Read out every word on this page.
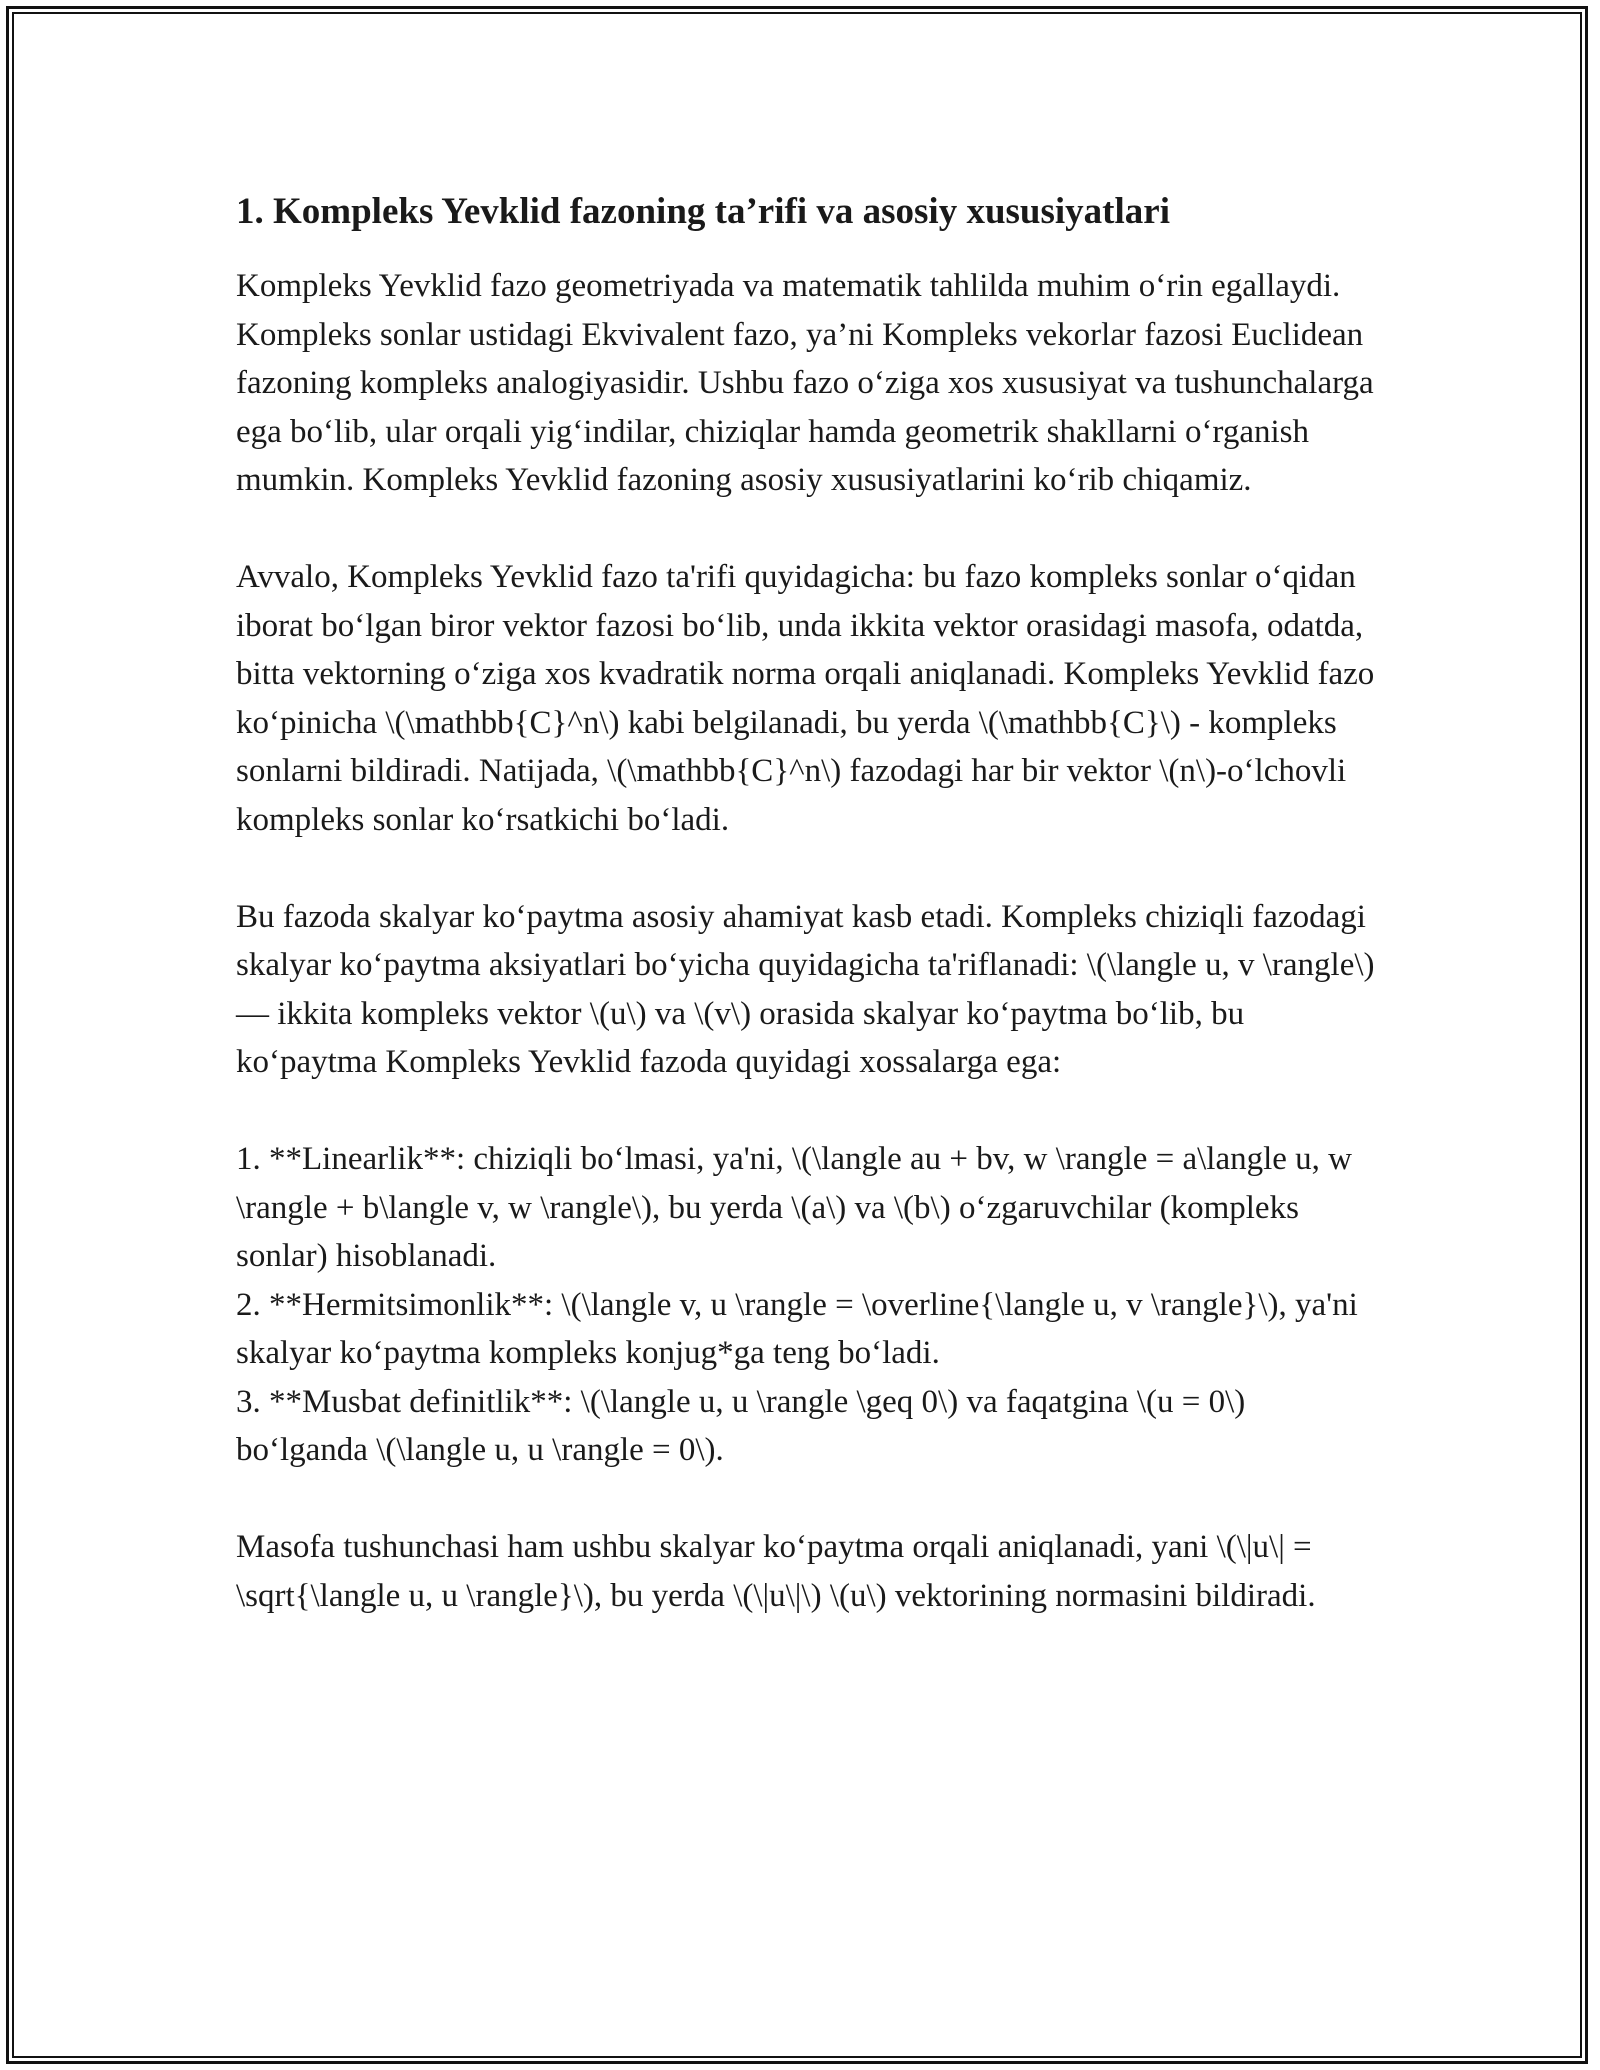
1. Kompleks Yevklid fazoning ta’rifi va asosiy xususiyatlari

Kompleks Yevklid fazo geometriyada va matematik tahlilda muhim o‘rin egallaydi. Kompleks sonlar ustidagi Ekvivalent fazo, ya’ni Kompleks vekorlar fazosi Euclidean fazoning kompleks analogiyasidir. Ushbu fazo o‘ziga xos xususiyat va tushunchalarga ega bo‘lib, ular orqali yig‘indilar, chiziqlar hamda geometrik shakllarni o‘rganish mumkin. Kompleks Yevklid fazoning asosiy xususiyatlarini ko‘rib chiqamiz.

Avvalo, Kompleks Yevklid fazo ta'rifi quyidagicha: bu fazo kompleks sonlar o‘qidan iborat bo‘lgan biror vektor fazosi bo‘lib, unda ikkita vektor orasidagi masofa, odatda, bitta vektorning o‘ziga xos kvadratik norma orqali aniqlanadi. Kompleks Yevklid fazo ko‘pinicha \(\mathbb{C}^n\) kabi belgilanadi, bu yerda \(\mathbb{C}\) - kompleks sonlarni bildiradi. Natijada, \(\mathbb{C}^n\) fazodagi har bir vektor \(n\)-o‘lchovli kompleks sonlar ko‘rsatkichi bo‘ladi.

Bu fazoda skalyar ko‘paytma asosiy ahamiyat kasb etadi. Kompleks chiziqli fazodagi skalyar ko‘paytma aksiyatlari bo‘yicha quyidagicha ta'riflanadi: \(\langle u, v \rangle\) — ikkita kompleks vektor \(u\) va \(v\) orasida skalyar ko‘paytma bo‘lib, bu ko‘paytma Kompleks Yevklid fazoda quyidagi xossalarga ega:

1. **Linearlik**: chiziqli bo‘lmasi, ya'ni, \(\langle au + bv, w \rangle = a\langle u, w \rangle + b\langle v, w \rangle\), bu yerda \(a\) va \(b\) o‘zgaruvchilar (kompleks sonlar) hisoblanadi.

2. **Hermitsimonlik**: \(\langle v, u \rangle = \overline{\langle u, v \rangle}\), ya'ni skalyar ko‘paytma kompleks konjug*ga teng bo‘ladi.

3. **Musbat definitlik**: \(\langle u, u \rangle \geq 0\) va faqatgina \(u = 0\) bo‘lganda \(\langle u, u \rangle = 0\).

Masofa tushunchasi ham ushbu skalyar ko‘paytma orqali aniqlanadi, yani \(\|u\| = \sqrt{\langle u, u \rangle}\), bu yerda \(\|u\|\) \(u\) vektorining normasini bildiradi.
